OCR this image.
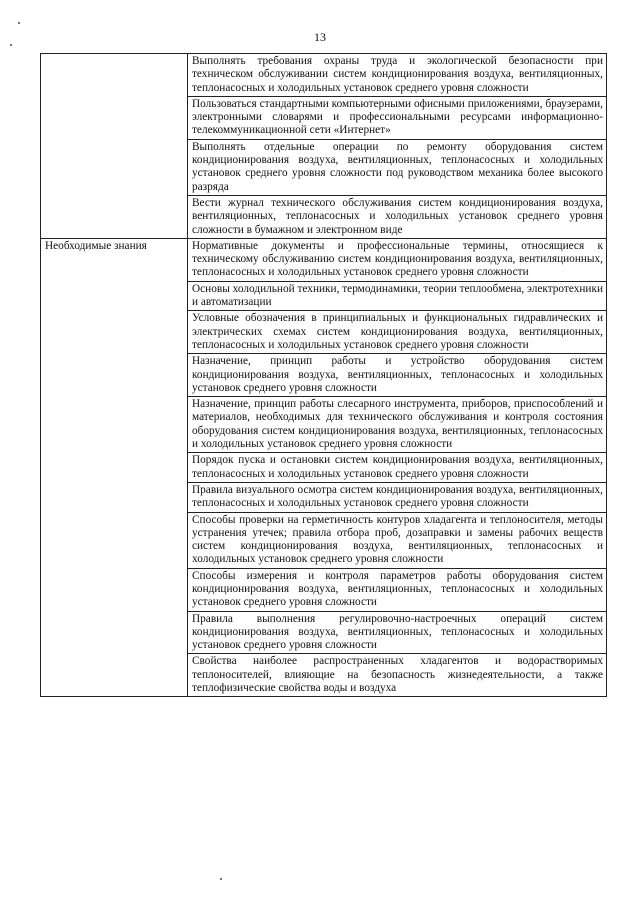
13
	Выполнять требования охраны труда и экологической безопасности при техническом обслуживании систем кондиционирования воздуха, вентиляционных, теплонасосных и холодильных установок среднего уровня сложности
	Пользоваться стандартными компьютерными офисными приложениями, браузерами, электронными словарями и профессиональными ресурсами информационно-телекоммуникационной сети «Интернет»
	Выполнять отдельные операции по ремонту оборудования систем кондиционирования воздуха, вентиляционных, теплонасосных и холодильных установок среднего уровня сложности под руководством механика более высокого разряда
	Вести журнал технического обслуживания систем кондиционирования воздуха, вентиляционных, теплонасосных и холодильных установок среднего уровня сложности в бумажном и электронном виде
Необходимые знания	Нормативные документы и профессиональные термины, относящиеся к техническому обслуживанию систем кондиционирования воздуха, вентиляционных, теплонасосных и холодильных установок среднего уровня сложности
	Основы холодильной техники, термодинамики, теории теплообмена, электротехники и автоматизации
	Условные обозначения в принципиальных и функциональных гидравлических и электрических схемах систем кондиционирования воздуха, вентиляционных, теплонасосных и холодильных установок среднего уровня сложности
	Назначение, принцип работы и устройство оборудования систем кондиционирования воздуха, вентиляционных, теплонасосных и холодильных установок среднего уровня сложности
	Назначение, принцип работы слесарного инструмента, приборов, приспособлений и материалов, необходимых для технического обслуживания и контроля состояния оборудования систем кондиционирования воздуха, вентиляционных, теплонасосных и холодильных установок среднего уровня сложности
	Порядок пуска и остановки систем кондиционирования воздуха, вентиляционных, теплонасосных и холодильных установок среднего уровня сложности
	Правила визуального осмотра систем кондиционирования воздуха, вентиляционных, теплонасосных и холодильных установок среднего уровня сложности
	Способы проверки на герметичность контуров хладагента и теплоносителя, методы устранения утечек; правила отбора проб, дозаправки и замены рабочих веществ систем кондиционирования воздуха, вентиляционных, теплонасосных и холодильных установок среднего уровня сложности
	Способы измерения и контроля параметров работы оборудования систем кондиционирования воздуха, вентиляционных, теплонасосных и холодильных установок среднего уровня сложности
	Правила выполнения регулировочно-настроечных операций систем кондиционирования воздуха, вентиляционных, теплонасосных и холодильных установок среднего уровня сложности
	Свойства наиболее распространенных хладагентов и водорастворимых теплоносителей, влияющие на безопасность жизнедеятельности, а также теплофизические свойства воды и воздуха
